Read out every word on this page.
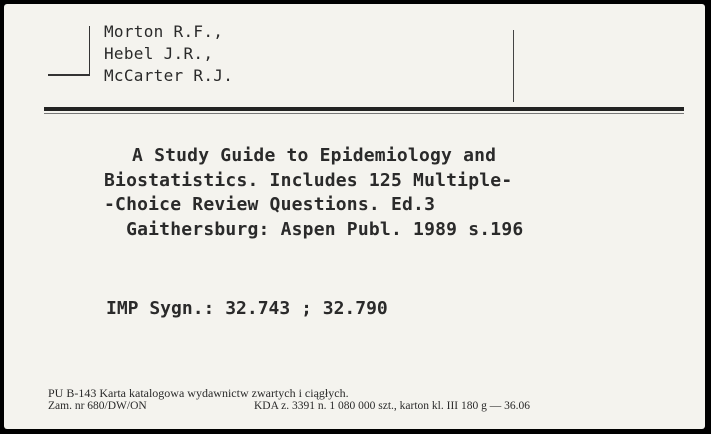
Morton R.F.,
Hebel J.R.,
McCarter R.J.
A Study Guide to Epidemiology and
Biostatistics. Includes 125 Multiple-
-Choice Review Questions. Ed.3
Gaithersburg: Aspen Publ. 1989 s.196
IMP Sygn.: 32.743 ; 32.790
PU B-143 Karta katalogowa wydawnictw zwartych i ciągłych.
Zam. nr 680/DW/ON	KDA z. 3391 n. 1 080 000 szt., karton kl. III 180 g — 36.06
